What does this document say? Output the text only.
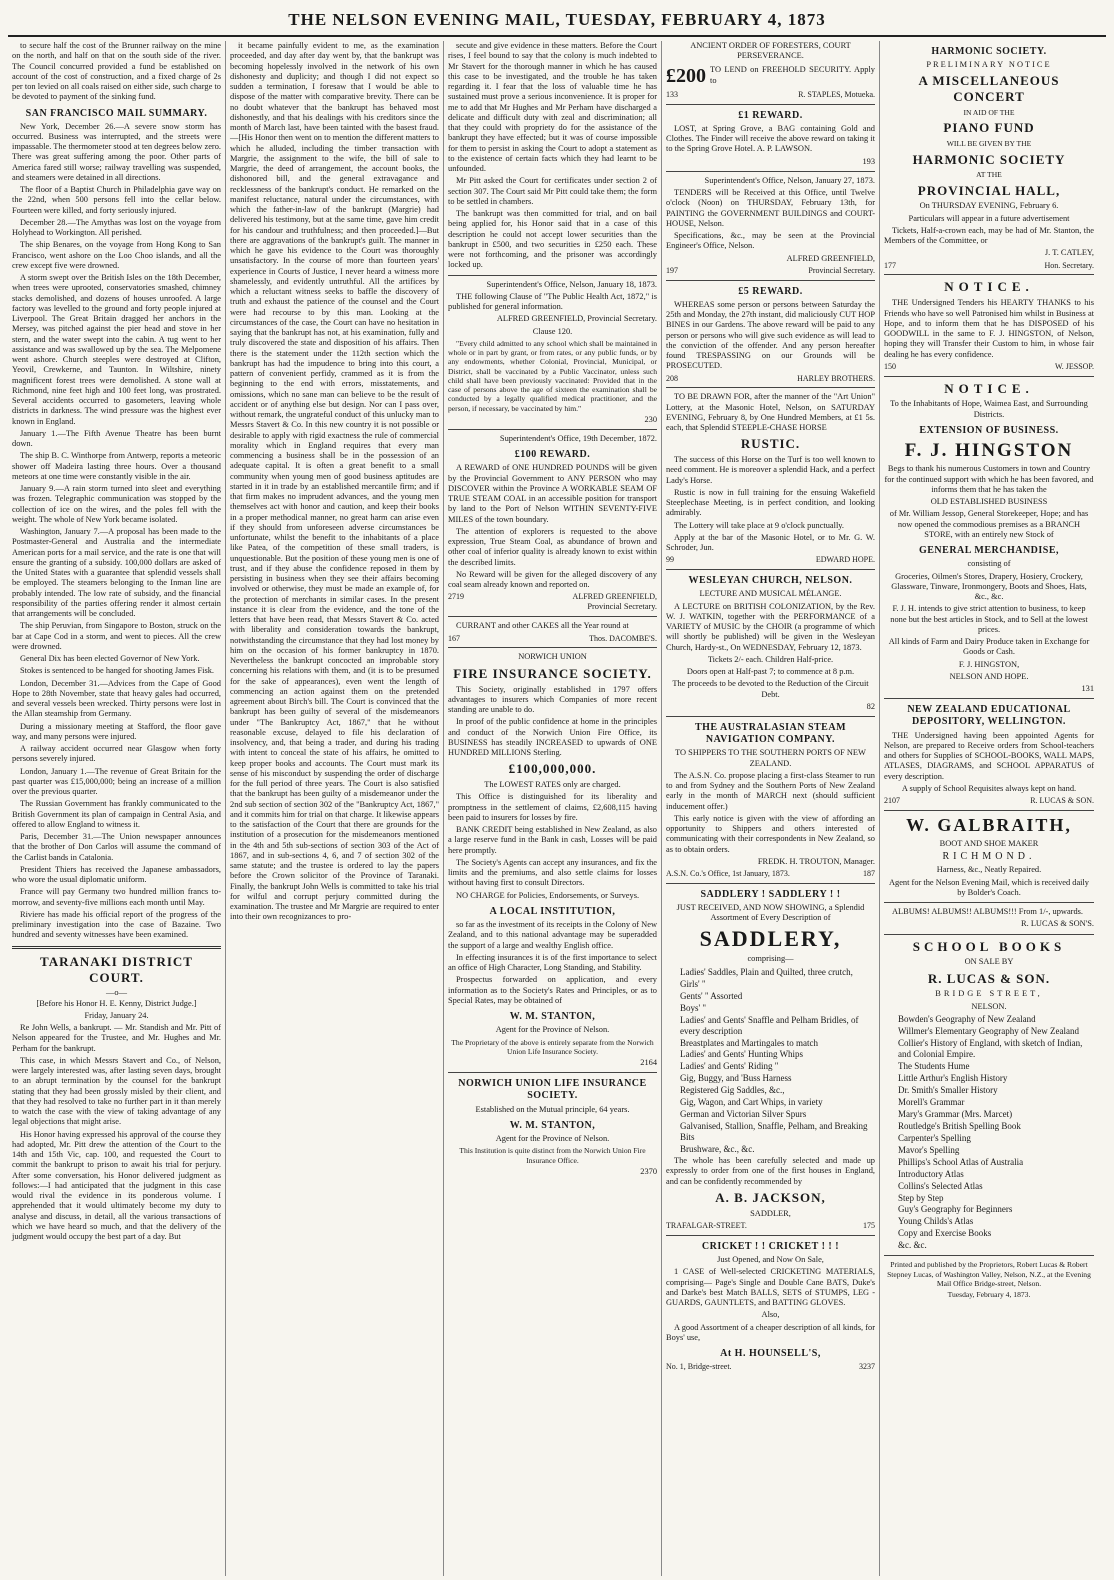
THE NELSON EVENING MAIL, TUESDAY, FEBRUARY 4, 1873

to secure half the cost of the Brunner railway on the mine on the north, and half on that on the south side of the river. The Council concurred provided a fund be established on account of the cost of construction, and a fixed charge of 2s per ton levied on all coals raised on either side, such charge to be devoted to payment of the sinking fund.

SAN FRANCISCO MAIL SUMMARY.

New York, December 26.—A severe snow storm has occurred. Business was interrupted, and the streets were impassable. The thermometer stood at ten degrees below zero. There was great suffering among the poor. Other parts of America fared still worse; railway travelling was suspended, and steamers were detained in all directions.

The floor of a Baptist Church in Philadelphia gave way on the 22nd, when 500 persons fell into the cellar below. Fourteen were killed, and forty seriously injured.

December 28.—The Amythas was lost on the voyage from Holyhead to Workington. All perished.

The ship Benares, on the voyage from Hong Kong to San Francisco, went ashore on the Loo Choo islands, and all the crew except five were drowned.

A storm swept over the British Isles on the 18th December, when trees were uprooted, conservatories smashed, chimney stacks demolished, and dozens of houses unroofed. A large factory was levelled to the ground and forty people injured at Liverpool. The Great Britain dragged her anchors in the Mersey, was pitched against the pier head and stove in her stern, and the water swept into the cabin. A tug went to her assistance and was swallowed up by the sea. The Melpomene went ashore. Church steeples were destroyed at Clifton, Yeovil, Crewkerne, and Taunton. In Wiltshire, ninety magnificent forest trees were demolished. A stone wall at Richmond, nine feet high and 100 feet long, was prostrated. Several accidents occurred to gasometers, leaving whole districts in darkness. The wind pressure was the highest ever known in England.

January 1.—The Fifth Avenue Theatre has been burnt down.

The ship B. C. Winthorpe from Antwerp, reports a meteoric shower off Madeira lasting three hours. Over a thousand meteors at one time were constantly visible in the air.

January 9.—A rain storm turned into sleet and everything was frozen. Telegraphic communication was stopped by the collection of ice on the wires, and the poles fell with the weight. The whole of New York became isolated.

Washington, January 7.—A proposal has been made to the Postmaster-General and Australia and the intermediate American ports for a mail service, and the rate is one that will ensure the granting of a subsidy. 100,000 dollars are asked of the United States with a guarantee that splendid vessels shall be employed. The steamers belonging to the Inman line are probably intended. The low rate of subsidy, and the financial responsibility of the parties offering render it almost certain that arrangements will be concluded.

The ship Peruvian, from Singapore to Boston, struck on the bar at Cape Cod in a storm, and went to pieces. All the crew were drowned.

General Dix has been elected Governor of New York.

Stokes is sentenced to be hanged for shooting James Fisk.

London, December 31.—Advices from the Cape of Good Hope to 28th November, state that heavy gales had occurred, and several vessels been wrecked. Thirty persons were lost in the Allan steamship from Germany.

During a missionary meeting at Stafford, the floor gave way, and many persons were injured.

A railway accident occurred near Glasgow when forty persons severely injured.

London, January 1.—The revenue of Great Britain for the past quarter was £15,000,000; being an increase of a million over the previous quarter.

The Russian Government has frankly communicated to the British Government its plan of campaign in Central Asia, and offered to allow England to witness it.

Paris, December 31.—The Union newspaper announces that the brother of Don Carlos will assume the command of the Carlist bands in Catalonia.

President Thiers has received the Japanese ambassadors, who wore the usual diplomatic uniform.

France will pay Germany two hundred million francs to-morrow, and seventy-five millions each month until May.

Riviere has made his official report of the progress of the preliminary investigation into the case of Bazaine. Two hundred and seventy witnesses have been examined.

TARANAKI DISTRICT COURT.
—o—

[Before his Honor H. E. Kenny, District Judge.]

Friday, January 24.

Re John Wells, a bankrupt. — Mr. Standish and Mr. Pitt of Nelson appeared for the Trustee, and Mr. Hughes and Mr. Perham for the bankrupt.

This case, in which Messrs Stavert and Co., of Nelson, were largely interested was, after lasting seven days, brought to an abrupt termination by the counsel for the bankrupt stating that they had been grossly misled by their client, and that they had resolved to take no further part in it than merely to watch the case with the view of taking advantage of any legal objections that might arise.

His Honor having expressed his approval of the course they had adopted, Mr. Pitt drew the attention of the Court to the 14th and 15th Vic, cap. 100, and requested the Court to commit the bankrupt to prison to await his trial for perjury. After some conversation, his Honor delivered judgment as follows:—I had anticipated that the judgment in this case would rival the evidence in its ponderous volume. I apprehended that it would ultimately become my duty to analyse and discuss, in detail, all the various transactions of which we have heard so much, and that the delivery of the judgment would occupy the best part of a day. But

it became painfully evident to me, as the examination proceeded, and day after day went by, that the bankrupt was becoming hopelessly involved in the network of his own dishonesty and duplicity; and though I did not expect so sudden a termination, I foresaw that I would be able to dispose of the matter with comparative brevity. There can be no doubt whatever that the bankrupt has behaved most dishonestly, and that his dealings with his creditors since the month of March last, have been tainted with the basest fraud.—[His Honor then went on to mention the different matters to which he alluded, including the timber transaction with Margrie, the assignment to the wife, the bill of sale to Margrie, the deed of arrangement, the account books, the dishonored bill, and the general extravagance and recklessness of the bankrupt's conduct. He remarked on the manifest reluctance, natural under the circumstances, with which the father-in-law of the bankrupt (Margrie) had delivered his testimony, but at the same time, gave him credit for his candour and truthfulness; and then proceeded.]—But there are aggravations of the bankrupt's guilt. The manner in which he gave his evidence to the Court was thoroughly unsatisfactory. In the course of more than fourteen years' experience in Courts of Justice, I never heard a witness more shamelessly, and evidently untruthful. All the artifices by which a reluctant witness seeks to baffle the discovery of truth and exhaust the patience of the counsel and the Court were had recourse to by this man. Looking at the circumstances of the case, the Court can have no hesitation in saying that the bankrupt has not, at his examination, fully and truly discovered the state and disposition of his affairs. Then there is the statement under the 112th section which the bankrupt has had the impudence to bring into this court, a pattern of convenient perfidy, crammed as it is from the beginning to the end with errors, misstatements, and omissions, which no sane man can believe to be the result of accident or of anything else but design. Nor can I pass over, without remark, the ungrateful conduct of this unlucky man to Messrs Stavert & Co. In this new country it is not possible or desirable to apply with rigid exactness the rule of commercial morality which in England requires that every man commencing a business shall be in the possession of an adequate capital. It is often a great benefit to a small community when young men of good business aptitudes are started in it in trade by an established mercantile firm; and if that firm makes no imprudent advances, and the young men themselves act with honor and caution, and keep their books in a proper methodical manner, no great harm can arise even if they should from unforeseen adverse circumstances be unfortunate, whilst the benefit to the inhabitants of a place like Patea, of the competition of these small traders, is unquestionable. But the position of these young men is one of trust, and if they abuse the confidence reposed in them by persisting in business when they see their affairs becoming involved or otherwise, they must be made an example of, for the protection of merchants in similar cases. In the present instance it is clear from the evidence, and the tone of the letters that have been read, that Messrs Stavert & Co. acted with liberality and consideration towards the bankrupt, notwithstanding the circumstance that they had lost money by him on the occasion of his former bankruptcy in 1870. Nevertheless the bankrupt concocted an improbable story concerning his relations with them, and (it is to be presumed for the sake of appearances), even went the length of commencing an action against them on the pretended agreement about Birch's bill. The Court is convinced that the bankrupt has been guilty of several of the misdemeanors under "The Bankruptcy Act, 1867," that he without reasonable excuse, delayed to file his declaration of insolvency, and, that being a trader, and during his trading with intent to conceal the state of his affairs, he omitted to keep proper books and accounts. The Court must mark its sense of his misconduct by suspending the order of discharge for the full period of three years. The Court is also satisfied that the bankrupt has been guilty of a misdemeanor under the 2nd sub section of section 302 of the "Bankruptcy Act, 1867," and it commits him for trial on that charge. It likewise appears to the satisfaction of the Court that there are grounds for the institution of a prosecution for the misdemeanors mentioned in the 4th and 5th sub-sections of section 303 of the Act of 1867, and in sub-sections 4, 6, and 7 of section 302 of the same statute; and the trustee is ordered to lay the papers before the Crown solicitor of the Province of Taranaki. Finally, the bankrupt John Wells is committed to take his trial for wilful and corrupt perjury committed during the examination. The trustee and Mr Margrie are required to enter into their own recognizances to pro-

secute and give evidence in these matters. Before the Court rises, I feel bound to say that the colony is much indebted to Mr Stavert for the thorough manner in which he has caused this case to be investigated, and the trouble he has taken regarding it. I fear that the loss of valuable time he has sustained must prove a serious inconvenience. It is proper for me to add that Mr Hughes and Mr Perham have discharged a delicate and difficult duty with zeal and discrimination; all that they could with propriety do for the assistance of the bankrupt they have effected; but it was of course impossible for them to persist in asking the Court to adopt a statement as to the existence of certain facts which they had learnt to be unfounded.

Mr Pitt asked the Court for certificates under section 2 of section 307. The Court said Mr Pitt could take them; the form to be settled in chambers.

The bankrupt was then committed for trial, and on bail being applied for, his Honor said that in a case of this description he could not accept lower securities than the bankrupt in £500, and two securities in £250 each. These were not forthcoming, and the prisoner was accordingly locked up.

Superintendent's Office, Nelson, January 18, 1873.

THE following Clause of "The Public Health Act, 1872," is published for general information.

ALFRED GREENFIELD, Provincial Secretary.

Clause 120.

"Every child admitted to any school which shall be maintained in whole or in part by grant, or from rates, or any public funds, or by any endowments, whether Colonial, Provincial, Municipal, or District, shall be vaccinated by a Public Vaccinator, unless such child shall have been previously vaccinated: Provided that in the case of persons above the age of sixteen the examination shall be conducted by a legally qualified medical practitioner, and the person, if necessary, be vaccinated by him."

230

Superintendent's Office, 19th December, 1872.

£100 REWARD.

A REWARD of ONE HUNDRED POUNDS will be given by the Provincial Government to ANY PERSON who may DISCOVER within the Province A WORKABLE SEAM OF TRUE STEAM COAL in an accessible position for transport by land to the Port of Nelson WITHIN SEVENTY-FIVE MILES of the town boundary.

The attention of explorers is requested to the above expression, True Steam Coal, as abundance of brown and other coal of inferior quality is already known to exist within the described limits.

No Reward will be given for the alleged discovery of any coal seam already known and reported on.

2719	ALFRED GREENFIELD,

Provincial Secretary.

CURRANT and other CAKES all the Year round at

167	Thos. DACOMBE'S.
NORWICH UNION
FIRE INSURANCE SOCIETY.

This Society, originally established in 1797 offers advantages to insurers which Companies of more recent standing are unable to do.

In proof of the public confidence at home in the principles and conduct of the Norwich Union Fire Office, its BUSINESS has steadily INCREASED to upwards of ONE HUNDRED MILLIONS Sterling.

£100,000,000.

The LOWEST RATES only are charged.

This Office is distinguished for its liberality and promptness in the settlement of claims, £2,608,115 having been paid to insurers for losses by fire.

BANK CREDIT being established in New Zealand, as also a large reserve fund in the Bank in cash, Losses will be paid here promptly.

The Society's Agents can accept any insurances, and fix the limits and the premiums, and also settle claims for losses without having first to consult Directors.

NO CHARGE for Policies, Endorsements, or Surveys.

A LOCAL INSTITUTION,

so far as the investment of its receipts in the Colony of New Zealand, and to this national advantage may be superadded the support of a large and wealthy English office.

In effecting insurances it is of the first importance to select an office of High Character, Long Standing, and Stability.

Prospectus forwarded on application, and every information as to the Society's Rates and Principles, or as to Special Rates, may be obtained of

W. M. STANTON,

Agent for the Province of Nelson.

The Proprietary of the above is entirely separate from the Norwich Union Life Insurance Society.

2164

NORWICH UNION LIFE INSURANCE SOCIETY.

Established on the Mutual principle, 64 years.

W. M. STANTON,

Agent for the Province of Nelson.

This Institution is quite distinct from the Norwich Union Fire Insurance Office.

2370

ANCIENT ORDER OF FORESTERS, COURT PERSEVERANCE.
£200 TO LEND on FREEHOLD SECURITY. Apply to
133	R. STAPLES, Motueka.
£1 REWARD.

LOST, at Spring Grove, a BAG containing Gold and Clothes. The Finder will receive the above reward on taking it to the Spring Grove Hotel. A. P. LAWSON.

193

Superintendent's Office, Nelson, January 27, 1873.

TENDERS will be Received at this Office, until Twelve o'clock (Noon) on THURSDAY, February 13th, for PAINTING the GOVERNMENT BUILDINGS and COURT-HOUSE, Nelson.

Specifications, &c., may be seen at the Provincial Engineer's Office, Nelson.

ALFRED GREENFIELD,

197	Provincial Secretary.
£5 REWARD.

WHEREAS some person or persons between Saturday the 25th and Monday, the 27th instant, did maliciously CUT HOP BINES in our Gardens. The above reward will be paid to any person or persons who will give such evidence as will lead to the conviction of the offender. And any person hereafter found TRESPASSING on our Grounds will be PROSECUTED.

208	HARLEY BROTHERS.

TO BE DRAWN FOR, after the manner of the "Art Union" Lottery, at the Masonic Hotel, Nelson, on SATURDAY EVENING, February 8, by One Hundred Members, at £1 5s. each, that Splendid STEEPLE-CHASE HORSE

RUSTIC.

The success of this Horse on the Turf is too well known to need comment. He is moreover a splendid Hack, and a perfect Lady's Horse.

Rustic is now in full training for the ensuing Wakefield Steeplechase Meeting, is in perfect condition, and looking admirably.

The Lottery will take place at 9 o'clock punctually.

Apply at the bar of the Masonic Hotel, or to Mr. G. W. Schroder, Jun.

99	EDWARD HOPE.
WESLEYAN CHURCH, NELSON.

LECTURE AND MUSICAL MÉLANGE.

A LECTURE on BRITISH COLONIZATION, by the Rev. W. J. WATKIN, together with the PERFORMANCE of a VARIETY of MUSIC by the CHOIR (a programme of which will shortly be published) will be given in the Wesleyan Church, Hardy-st., On WEDNESDAY, February 12, 1873.

Tickets 2/- each. Children Half-price.

Doors open at Half-past 7; to commence at 8 p.m.

The proceeds to be devoted to the Reduction of the Circuit Debt.

82

THE AUSTRALASIAN STEAM NAVIGATION COMPANY.

TO SHIPPERS TO THE SOUTHERN PORTS OF NEW ZEALAND.

The A.S.N. Co. propose placing a first-class Steamer to run to and from Sydney and the Southern Ports of New Zealand early in the month of MARCH next (should sufficient inducement offer.)

This early notice is given with the view of affording an opportunity to Shippers and others interested of communicating with their correspondents in New Zealand, so as to obtain orders.

FREDK. H. TROUTON, Manager.

A.S.N. Co.'s Office, 1st January, 1873.	187
SADDLERY ! SADDLERY ! !

JUST RECEIVED, AND NOW SHOWING, a Splendid Assortment of Every Description of

SADDLERY,

comprising—

Ladies' Saddles, Plain and Quilted, three crutch,

Girls' "

Gents' " Assorted

Boys' "

Ladies' and Gents' Snaffle and Pelham Bridles, of every description

Breastplates and Martingales to match

Ladies' and Gents' Hunting Whips

Ladies' and Gents' Riding "

Gig, Buggy, and 'Buss Harness

Registered Gig Saddles, &c.,

Gig, Wagon, and Cart Whips, in variety

German and Victorian Silver Spurs

Galvanised, Stallion, Snaffle, Pelham, and Breaking Bits

Brushware, &c., &c.

The whole has been carefully selected and made up expressly to order from one of the first houses in England, and can be confidently recommended by

A. B. JACKSON,

SADDLER,

TRAFALGAR-STREET.	175
CRICKET ! ! CRICKET ! ! !

Just Opened, and Now On Sale,

1 CASE of Well-selected CRICKETING MATERIALS, comprising— Page's Single and Double Cane BATS, Duke's and Darke's best Match BALLS, SETS of STUMPS, LEG - GUARDS, GAUNTLETS, and BATTING GLOVES.

Also,

A good Assortment of a cheaper description of all kinds, for Boys' use,

At H. HOUNSELL'S,
No. 1, Bridge-street.	3237
HARMONIC SOCIETY.

PRELIMINARY NOTICE

A MISCELLANEOUS CONCERT

IN AID OF THE

PIANO FUND

WILL BE GIVEN BY THE

HARMONIC SOCIETY

AT THE

PROVINCIAL HALL,

On THURSDAY EVENING, February 6.

Particulars will appear in a future advertisement

Tickets, Half-a-crown each, may be had of Mr. Stanton, the Members of the Committee, or

J. T. CATLEY,

177	Hon. Secretary.
NOTICE.

THE Undersigned Tenders his HEARTY THANKS to his Friends who have so well Patronised him whilst in Business at Hope, and to inform them that he has DISPOSED of his GOODWILL in the same to F. J. HINGSTON, of Nelson, hoping they will Transfer their Custom to him, in whose fair dealing he has every confidence.

150	W. JESSOP.
NOTICE.

To the Inhabitants of Hope, Waimea East, and Surrounding Districts.

EXTENSION OF BUSINESS.
F. J. HINGSTON

Begs to thank his numerous Customers in town and Country for the continued support with which he has been favored, and informs them that he has taken the

OLD ESTABLISHED BUSINESS

of Mr. William Jessop, General Storekeeper, Hope; and has now opened the commodious premises as a BRANCH STORE, with an entirely new Stock of

GENERAL MERCHANDISE,

consisting of

Groceries, Oilmen's Stores, Drapery, Hosiery, Crockery, Glassware, Tinware, Ironmongery, Boots and Shoes, Hats, &c., &c.

F. J. H. intends to give strict attention to business, to keep none but the best articles in Stock, and to Sell at the lowest prices.

All kinds of Farm and Dairy Produce taken in Exchange for Goods or Cash.

F. J. HINGSTON,

NELSON AND HOPE.

131

NEW ZEALAND EDUCATIONAL DEPOSITORY, WELLINGTON.

THE Undersigned having been appointed Agents for Nelson, are prepared to Receive orders from School-teachers and others for Supplies of SCHOOL-BOOKS, WALL MAPS, ATLASES, DIAGRAMS, and SCHOOL APPARATUS of every description.

A supply of School Requisites always kept on hand.

2107	R. LUCAS & SON.
W. GALBRAITH,

BOOT AND SHOE MAKER

RICHMOND.

Harness, &c., Neatly Repaired.

Agent for the Nelson Evening Mail, which is received daily by Bolder's Coach.

ALBUMS! ALBUMS!! ALBUMS!!! From 1/-, upwards.

R. LUCAS & SON'S.

SCHOOL BOOKS

ON SALE BY

R. LUCAS & SON.

BRIDGE STREET,

NELSON.

Bowden's Geography of New Zealand

Willmer's Elementary Geography of New Zealand

Collier's History of England, with sketch of Indian, and Colonial Empire.

The Students Hume

Little Arthur's English History

Dr. Smith's Smaller History

Morell's Grammar

Mary's Grammar (Mrs. Marcet)

Routledge's British Spelling Book

Carpenter's Spelling

Mavor's Spelling

Phillips's School Atlas of Australia

Introductory Atlas

Collins's Selected Atlas

Step by Step

Guy's Geography for Beginners

Young Childs's Atlas

Copy and Exercise Books

&c. &c.

Printed and published by the Proprietors, Robert Lucas & Robert Stepney Lucas, of Washington Valley, Nelson, N.Z., at the Evening Mail Office Bridge-street, Nelson.

Tuesday, February 4, 1873.
